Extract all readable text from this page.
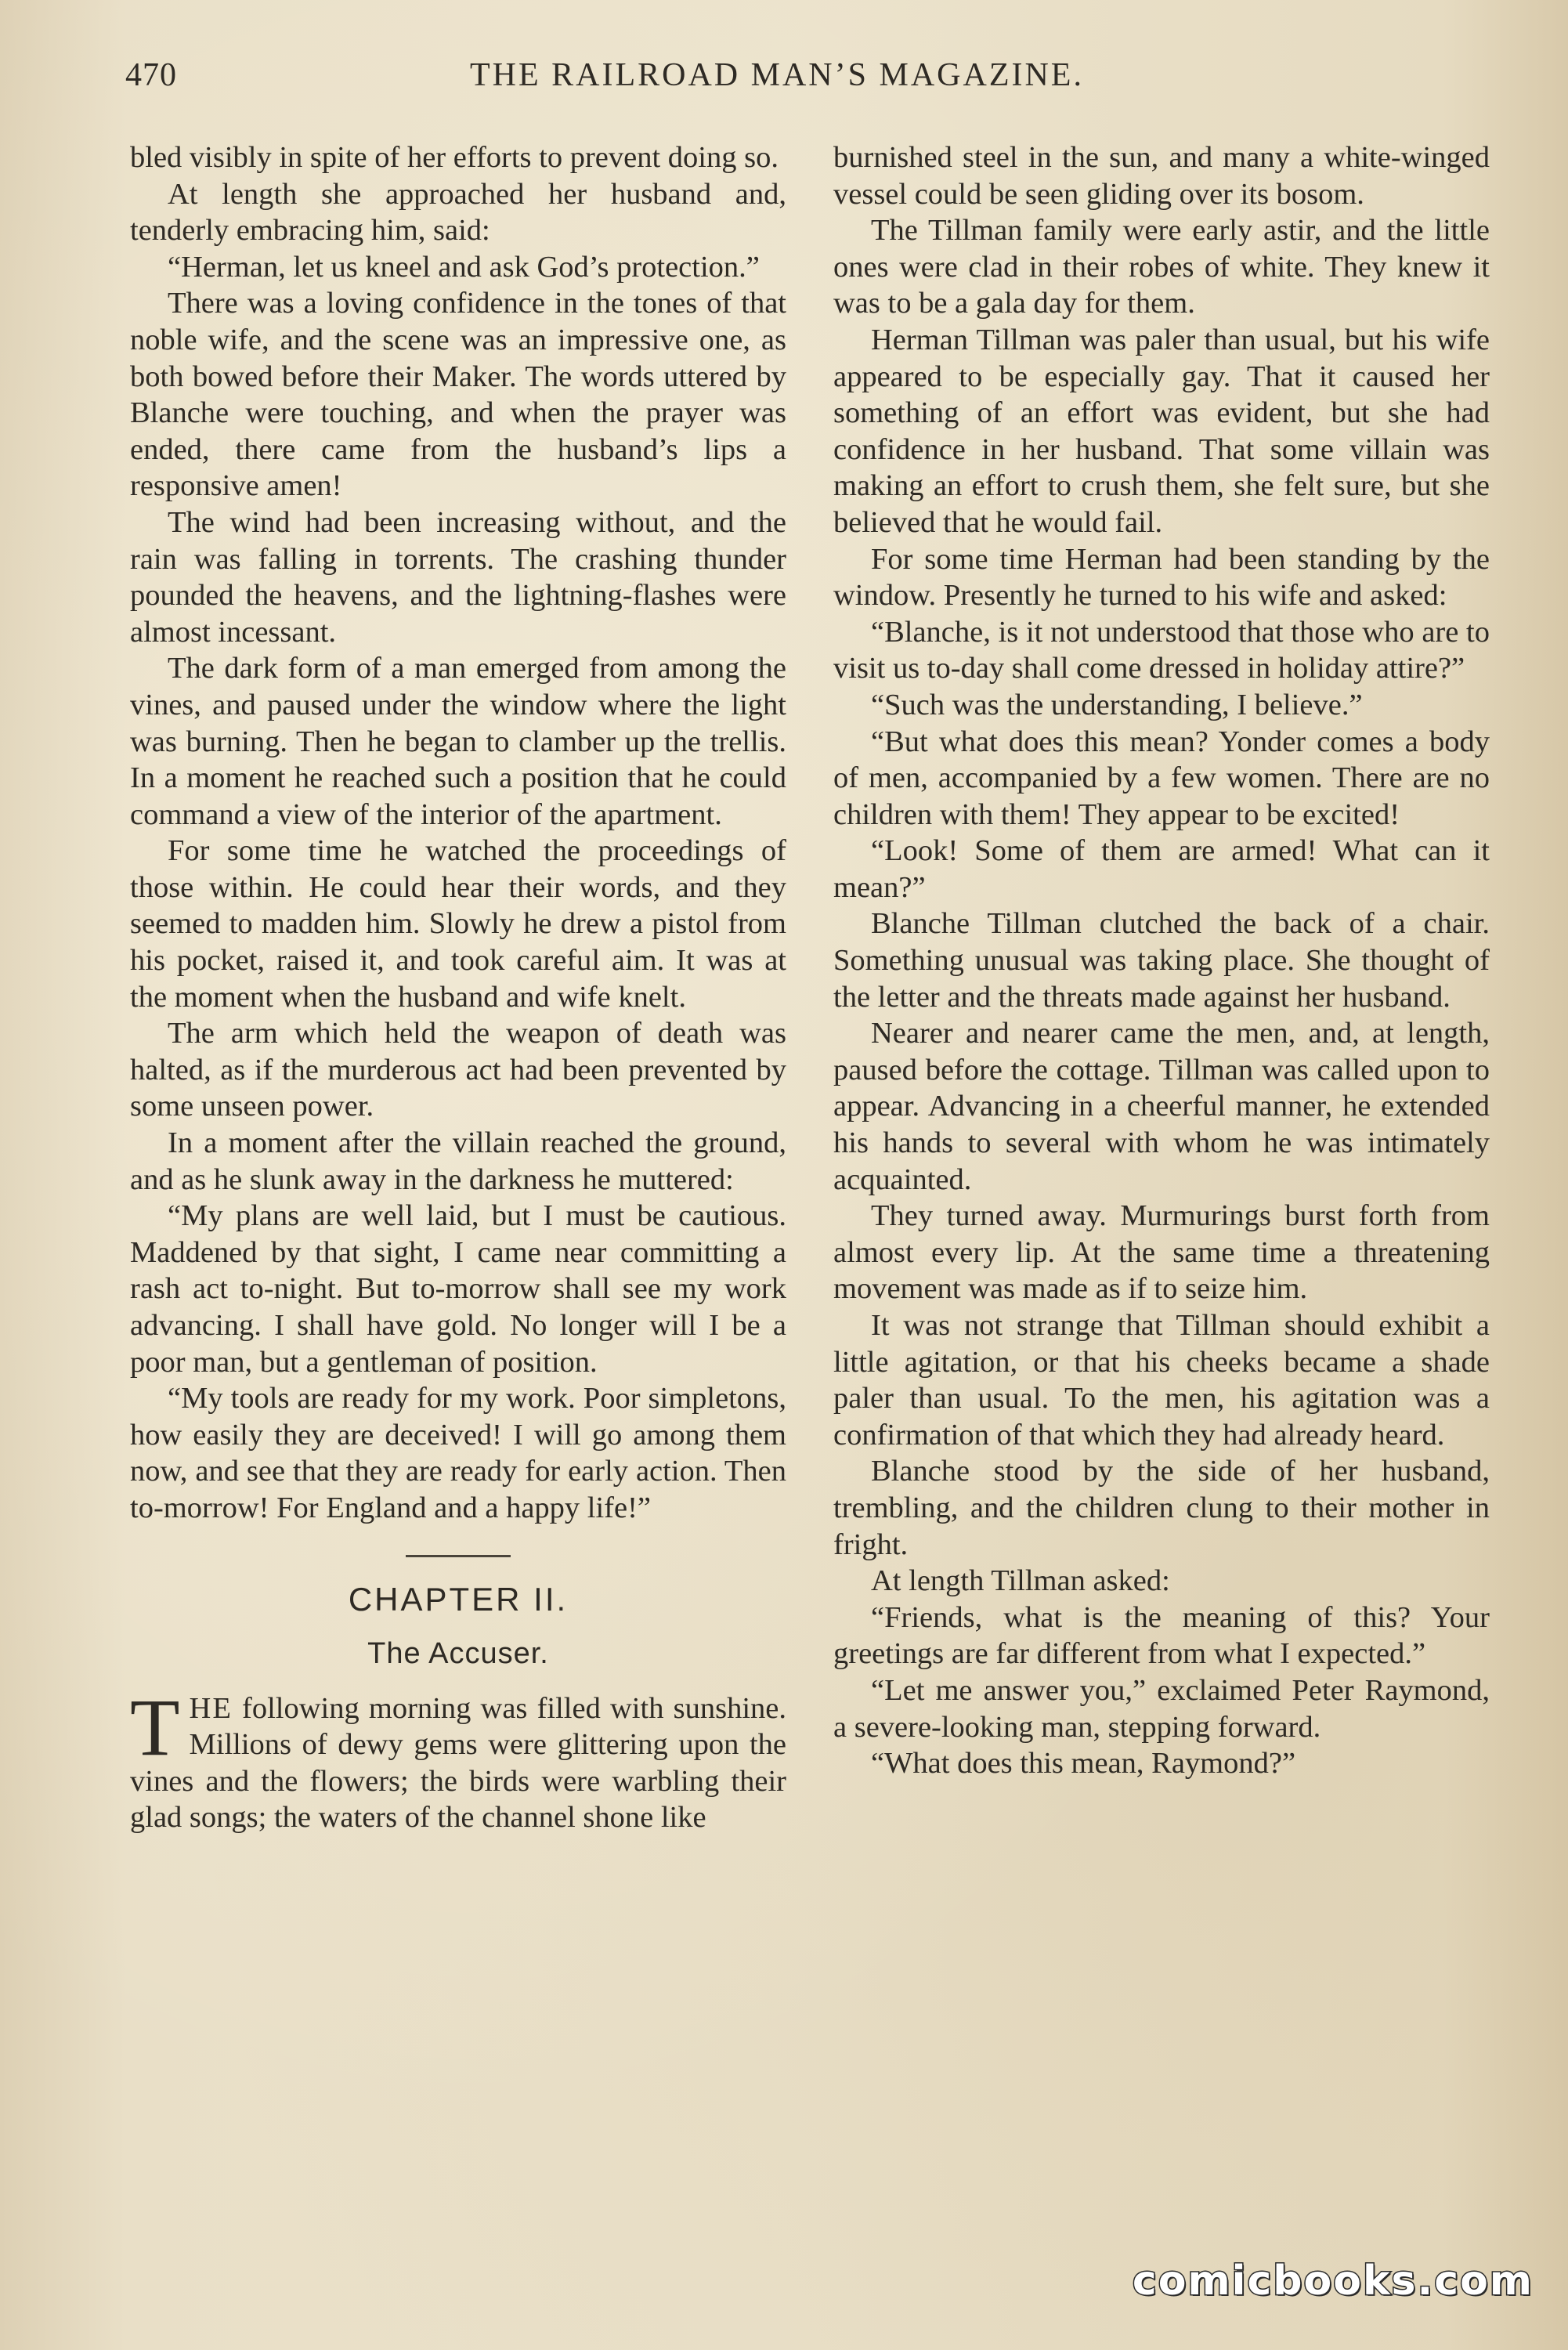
470	THE RAILROAD MAN’S MAGAZINE.

bled visibly in spite of her efforts to prevent doing so.

At length she approached her husband and, tenderly embracing him, said:

“Herman, let us kneel and ask God’s protection.”

There was a loving confidence in the tones of that noble wife, and the scene was an impressive one, as both bowed before their Maker. The words uttered by Blanche were touching, and when the prayer was ended, there came from the husband’s lips a responsive amen!

The wind had been increasing without, and the rain was falling in torrents. The crashing thunder pounded the heavens, and the lightning-flashes were almost incessant.

The dark form of a man emerged from among the vines, and paused under the window where the light was burning. Then he began to clamber up the trellis. In a moment he reached such a position that he could command a view of the interior of the apartment.

For some time he watched the proceedings of those within. He could hear their words, and they seemed to madden him. Slowly he drew a pistol from his pocket, raised it, and took careful aim. It was at the moment when the husband and wife knelt.

The arm which held the weapon of death was halted, as if the murderous act had been prevented by some unseen power.

In a moment after the villain reached the ground, and as he slunk away in the darkness he muttered:

“My plans are well laid, but I must be cautious. Maddened by that sight, I came near committing a rash act to-night. But to-morrow shall see my work advancing. I shall have gold. No longer will I be a poor man, but a gentleman of position.

“My tools are ready for my work. Poor simpletons, how easily they are deceived! I will go among them now, and see that they are ready for early action. Then to-morrow! For England and a happy life!”

CHAPTER II.
The Accuser.

THE following morning was filled with sunshine. Millions of dewy gems were glittering upon the vines and the flowers; the birds were warbling their glad songs; the waters of the channel shone like

burnished steel in the sun, and many a white-winged vessel could be seen gliding over its bosom.

The Tillman family were early astir, and the little ones were clad in their robes of white. They knew it was to be a gala day for them.

Herman Tillman was paler than usual, but his wife appeared to be especially gay. That it caused her something of an effort was evident, but she had confidence in her husband. That some villain was making an effort to crush them, she felt sure, but she believed that he would fail.

For some time Herman had been standing by the window. Presently he turned to his wife and asked:

“Blanche, is it not understood that those who are to visit us to-day shall come dressed in holiday attire?”

“Such was the understanding, I believe.”

“But what does this mean? Yonder comes a body of men, accompanied by a few women. There are no children with them! They appear to be excited!

“Look! Some of them are armed! What can it mean?”

Blanche Tillman clutched the back of a chair. Something unusual was taking place. She thought of the letter and the threats made against her husband.

Nearer and nearer came the men, and, at length, paused before the cottage. Tillman was called upon to appear. Advancing in a cheerful manner, he extended his hands to several with whom he was intimately acquainted.

They turned away. Murmurings burst forth from almost every lip. At the same time a threatening movement was made as if to seize him.

It was not strange that Tillman should exhibit a little agitation, or that his cheeks became a shade paler than usual. To the men, his agitation was a confirmation of that which they had already heard.

Blanche stood by the side of her husband, trembling, and the children clung to their mother in fright.

At length Tillman asked:

“Friends, what is the meaning of this? Your greetings are far different from what I expected.”

“Let me answer you,” exclaimed Peter Raymond, a severe-looking man, stepping forward.

“What does this mean, Raymond?”

comicbooks.com
